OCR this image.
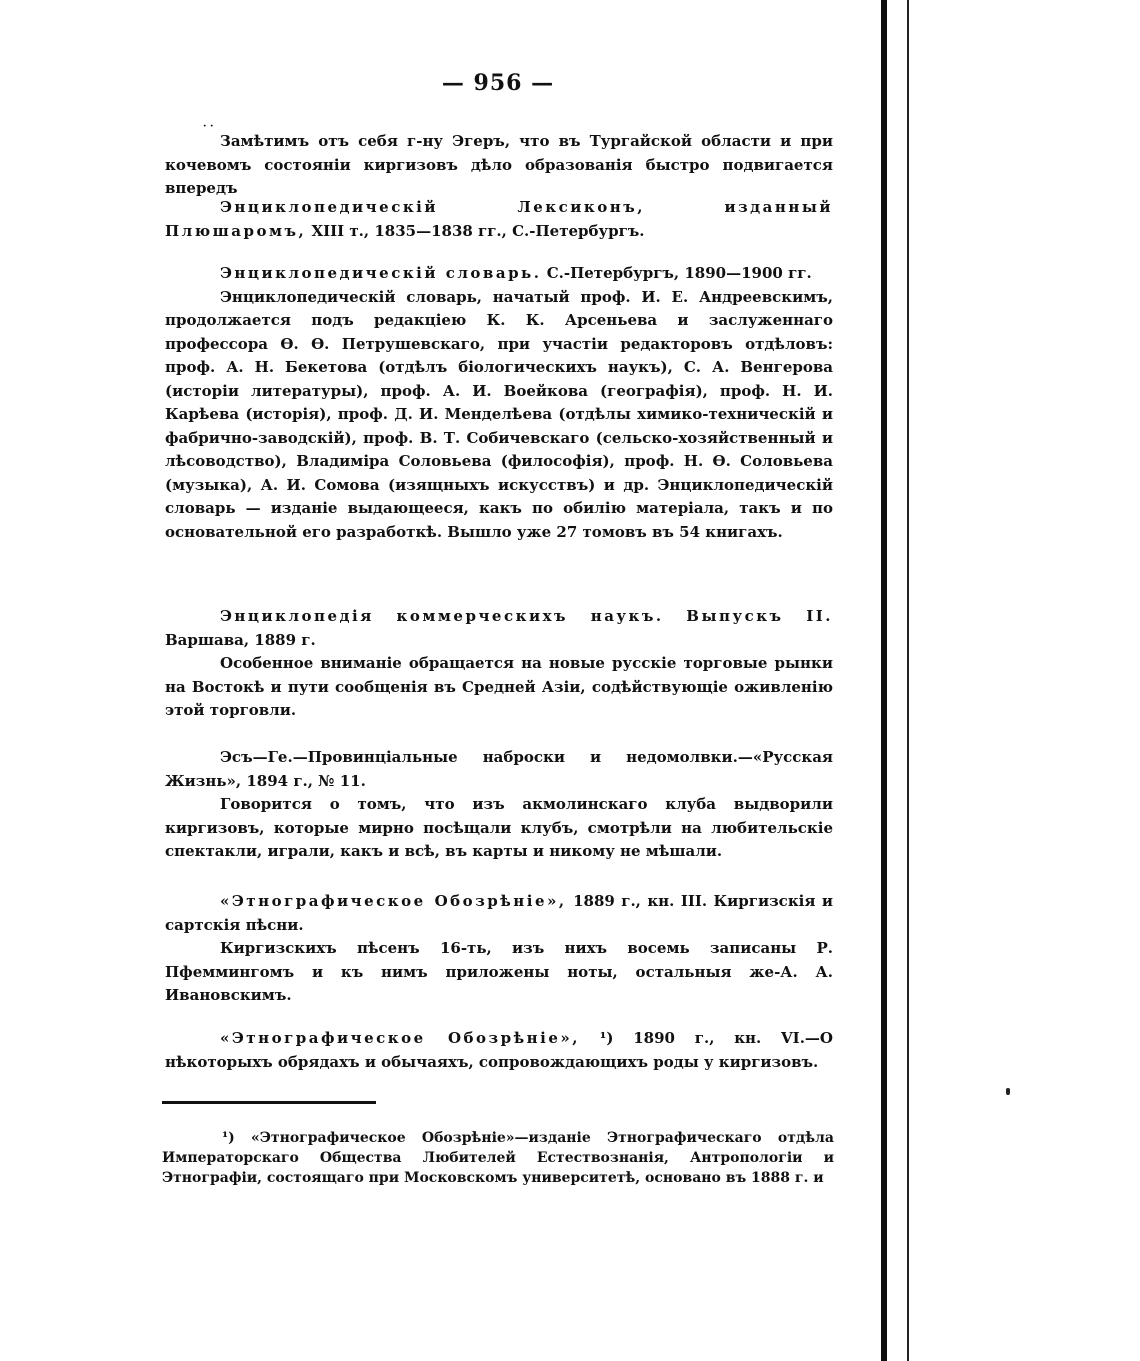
— 956 —
· ·

Замѣтимъ отъ себя г-ну Эгеръ, что въ Тургайской области и при кочевомъ состояніи киргизовъ дѣло образованія быстро подвигается впередъ

Энциклопедическій Лексиконъ, изданный Плюшаромъ, XIII т., 1835—1838 гг., С.-Петербургъ.

Энциклопедическій словарь. С.-Петербургъ, 1890—1900 гг.

Энциклопедическій словарь, начатый проф. И. Е. Андреевскимъ, продолжается подъ редакціею К. К. Арсеньева и заслуженнаго профессора Ѳ. Ѳ. Петрушевскаго, при участіи редакторовъ отдѣловъ: проф. А. Н. Бекетова (отдѣлъ біологическихъ наукъ), С. А. Венгерова (исторіи литературы), проф. А. И. Воейкова (географія), проф. Н. И. Карѣева (исторія), проф. Д. И. Менделѣева (отдѣлы химико-техническій и фабрично-заводскій), проф. В. Т. Собичевскаго (сельско-хозяйственный и лѣсоводство), Владиміра Соловьева (философія), проф. Н. Ѳ. Соловьева (музыка), А. И. Сомова (изящныхъ искусствъ) и др. Энциклопедическій словарь — изданіе выдающееся, какъ по обилію матеріала, такъ и по основательной его разработкѣ. Вышло уже 27 томовъ въ 54 книгахъ.

Энциклопедія коммерческихъ наукъ. Выпускъ II. Варшава, 1889 г.

Особенное вниманіе обращается на новые русскіе торговые рынки на Востокѣ и пути сообщенія въ Средней Азіи, содѣйствующіе оживленію этой торговли.

Эсъ—Ге.—Провинціальные наброски и недомолвки.—«Русская Жизнь», 1894 г., № 11.

Говорится о томъ, что изъ акмолинскаго клуба выдворили киргизовъ, которые мирно посѣщали клубъ, смотрѣли на любительскіе спектакли, играли, какъ и всѣ, въ карты и никому не мѣшали.

«Этнографическое Обозрѣніе», 1889 г., кн. III. Киргизскія и сартскія пѣсни.

Киргизскихъ пѣсенъ 16-ть, изъ нихъ восемь записаны Р. Пфеммингомъ и къ нимъ приложены ноты, остальныя же-А. А. Ивановскимъ.

«Этнографическое Обозрѣніе», ¹) 1890 г., кн. VI.—О нѣкоторыхъ обрядахъ и обычаяхъ, сопровождающихъ роды у киргизовъ.

¹) «Этнографическое Обозрѣніе»—изданіе Этнографическаго отдѣла Императорскаго Общества Любителей Естествознанія, Антропологіи и Этнографіи, состоящаго при Московскомъ университетѣ, основано въ 1888 г. и
